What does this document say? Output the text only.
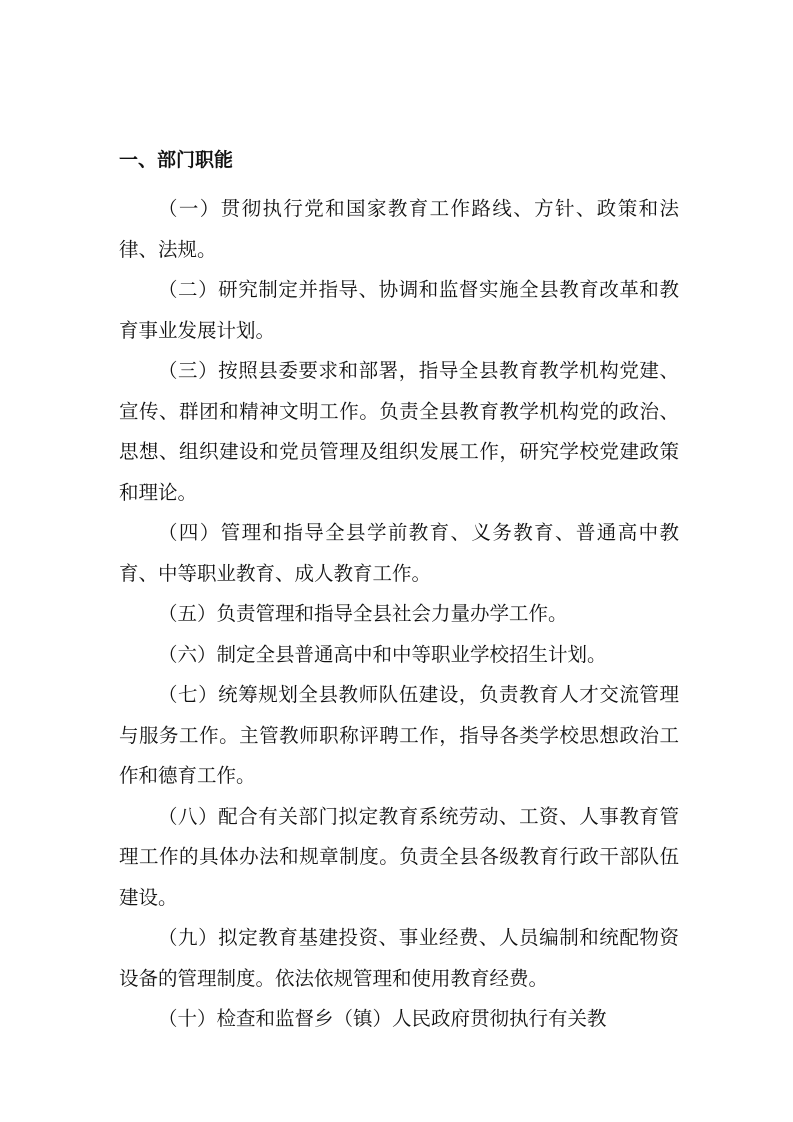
一、部门职能

（一）贯彻执行党和国家教育工作路线、方针、政策和法律、法规。

（二）研究制定并指导、协调和监督实施全县教育改革和教育事业发展计划。

（三）按照县委要求和部署，指导全县教育教学机构党建、宣传、群团和精神文明工作。负责全县教育教学机构党的政治、思想、组织建设和党员管理及组织发展工作，研究学校党建政策和理论。

（四）管理和指导全县学前教育、义务教育、普通高中教育、中等职业教育、成人教育工作。

（五）负责管理和指导全县社会力量办学工作。

（六）制定全县普通高中和中等职业学校招生计划。

（七）统筹规划全县教师队伍建设，负责教育人才交流管理与服务工作。主管教师职称评聘工作，指导各类学校思想政治工作和德育工作。

（八）配合有关部门拟定教育系统劳动、工资、人事教育管理工作的具体办法和规章制度。负责全县各级教育行政干部队伍建设。

（九）拟定教育基建投资、事业经费、人员编制和统配物资设备的管理制度。依法依规管理和使用教育经费。

（十）检查和监督乡（镇）人民政府贯彻执行有关教
